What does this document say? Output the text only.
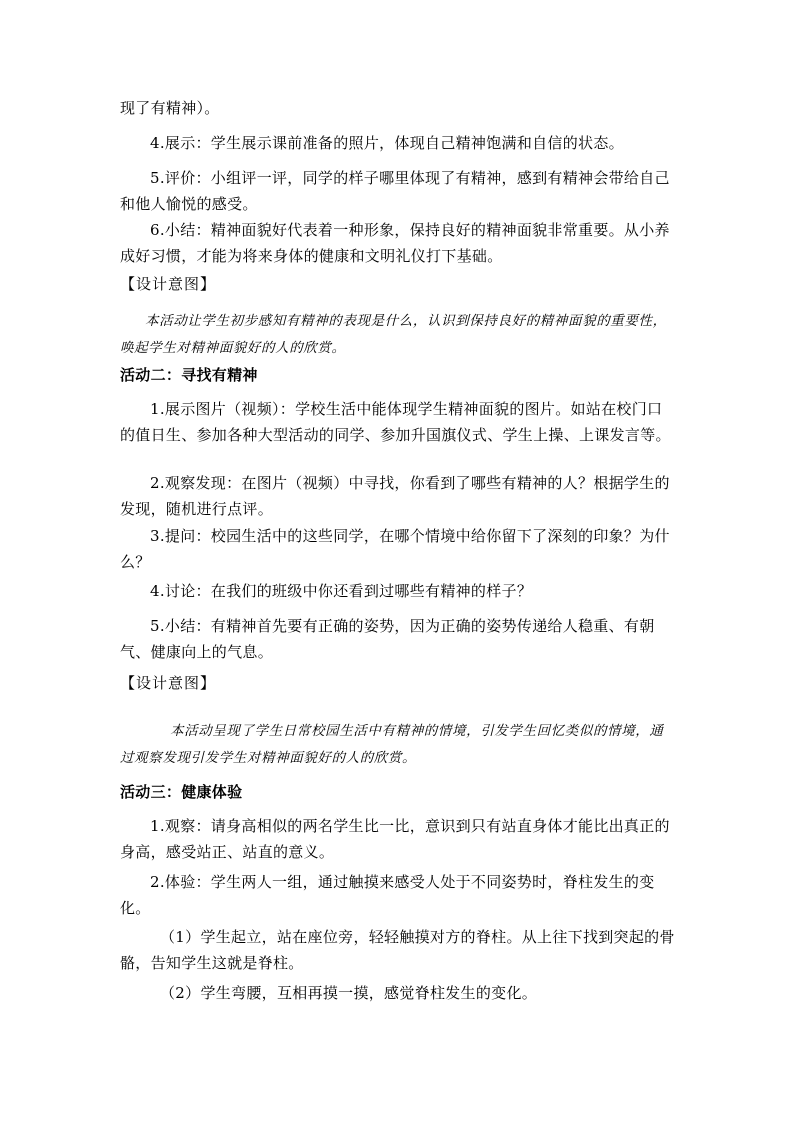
现了有精神）。
4.展示：学生展示课前准备的照片，体现自己精神饱满和自信的状态。
5.评价：小组评一评，同学的样子哪里体现了有精神，感到有精神会带给自己和他人愉悦的感受。
6.小结：精神面貌好代表着一种形象，保持良好的精神面貌非常重要。从小养成好习惯，才能为将来身体的健康和文明礼仪打下基础。
【设计意图】
本活动让学生初步感知有精神的表现是什么，认识到保持良好的精神面貌的重要性，唤起学生对精神面貌好的人的欣赏。
活动二：寻找有精神
1.展示图片（视频）：学校生活中能体现学生精神面貌的图片。如站在校门口的值日生、参加各种大型活动的同学、参加升国旗仪式、学生上操、上课发言等。
2.观察发现：在图片（视频）中寻找，你看到了哪些有精神的人？根据学生的发现，随机进行点评。
3.提问：校园生活中的这些同学，在哪个情境中给你留下了深刻的印象？为什么？
4.讨论：在我们的班级中你还看到过哪些有精神的样子？
5.小结：有精神首先要有正确的姿势，因为正确的姿势传递给人稳重、有朝气、健康向上的气息。
【设计意图】
本活动呈现了学生日常校园生活中有精神的情境，引发学生回忆类似的情境，通过观察发现引发学生对精神面貌好的人的欣赏。
活动三：健康体验
1.观察：请身高相似的两名学生比一比，意识到只有站直身体才能比出真正的身高，感受站正、站直的意义。
2.体验：学生两人一组，通过触摸来感受人处于不同姿势时，脊柱发生的变化。
（1）学生起立，站在座位旁，轻轻触摸对方的脊柱。从上往下找到突起的骨骼，告知学生这就是脊柱。
（2）学生弯腰，互相再摸一摸，感觉脊柱发生的变化。
